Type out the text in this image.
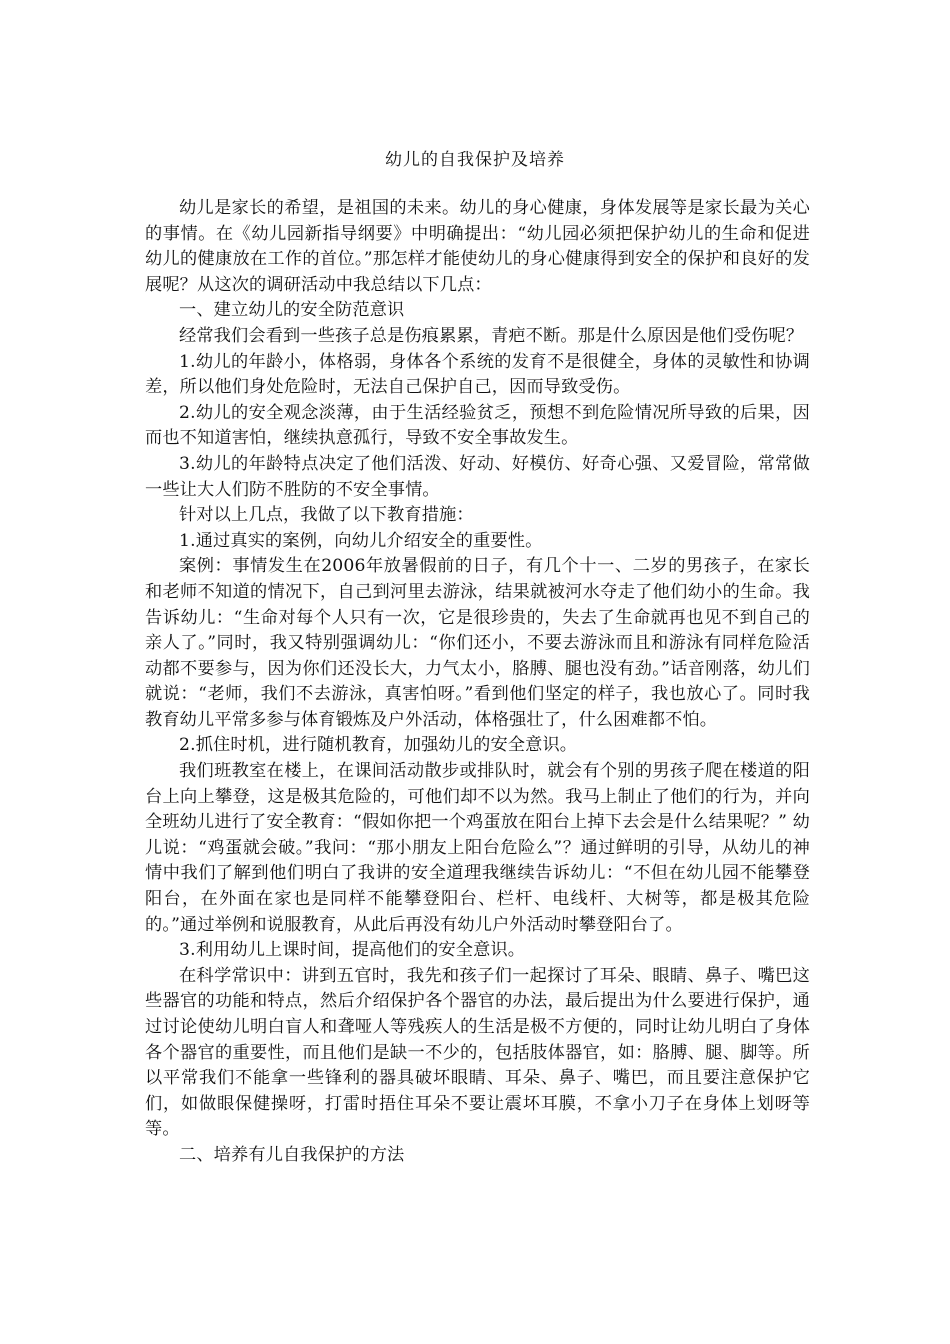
幼儿的自我保护及培养

幼儿是家长的希望，是祖国的未来。幼儿的身心健康，身体发展等是家长最为关心的事情。在《幼儿园新指导纲要》中明确提出：“幼儿园必须把保护幼儿的生命和促进幼儿的健康放在工作的首位。”那怎样才能使幼儿的身心健康得到安全的保护和良好的发展呢？从这次的调研活动中我总结以下几点：

一、建立幼儿的安全防范意识

经常我们会看到一些孩子总是伤痕累累，青疤不断。那是什么原因是他们受伤呢？

1.幼儿的年龄小，体格弱，身体各个系统的发育不是很健全，身体的灵敏性和协调差，所以他们身处危险时，无法自己保护自己，因而导致受伤。

2.幼儿的安全观念淡薄，由于生活经验贫乏，预想不到危险情况所导致的后果，因而也不知道害怕，继续执意孤行，导致不安全事故发生。

3.幼儿的年龄特点决定了他们活泼、好动、好模仿、好奇心强、又爱冒险，常常做一些让大人们防不胜防的不安全事情。

针对以上几点，我做了以下教育措施：

1.通过真实的案例，向幼儿介绍安全的重要性。

案例：事情发生在2006年放暑假前的日子，有几个十一、二岁的男孩子，在家长和老师不知道的情况下，自己到河里去游泳，结果就被河水夺走了他们幼小的生命。我告诉幼儿：“生命对每个人只有一次，它是很珍贵的，失去了生命就再也见不到自己的亲人了。”同时，我又特别强调幼儿：“你们还小，不要去游泳而且和游泳有同样危险活动都不要参与，因为你们还没长大，力气太小，胳膊、腿也没有劲。”话音刚落，幼儿们就说：“老师，我们不去游泳，真害怕呀。”看到他们坚定的样子，我也放心了。同时我教育幼儿平常多参与体育锻炼及户外活动，体格强壮了，什么困难都不怕。

2.抓住时机，进行随机教育，加强幼儿的安全意识。

我们班教室在楼上，在课间活动散步或排队时，就会有个别的男孩子爬在楼道的阳台上向上攀登，这是极其危险的，可他们却不以为然。我马上制止了他们的行为，并向全班幼儿进行了安全教育：“假如你把一个鸡蛋放在阳台上掉下去会是什么结果呢？” 幼儿说：“鸡蛋就会破。”我问：“那小朋友上阳台危险么”？通过鲜明的引导，从幼儿的神情中我们了解到他们明白了我讲的安全道理我继续告诉幼儿：“不但在幼儿园不能攀登阳台，在外面在家也是同样不能攀登阳台、栏杆、电线杆、大树等，都是极其危险的。”通过举例和说服教育，从此后再没有幼儿户外活动时攀登阳台了。

3.利用幼儿上课时间，提高他们的安全意识。

在科学常识中：讲到五官时，我先和孩子们一起探讨了耳朵、眼睛、鼻子、嘴巴这些器官的功能和特点，然后介绍保护各个器官的办法，最后提出为什么要进行保护，通过讨论使幼儿明白盲人和聋哑人等残疾人的生活是极不方便的，同时让幼儿明白了身体各个器官的重要性，而且他们是缺一不少的，包括肢体器官，如：胳膊、腿、脚等。所以平常我们不能拿一些锋利的器具破坏眼睛、耳朵、鼻子、嘴巴，而且要注意保护它们，如做眼保健操呀，打雷时捂住耳朵不要让震坏耳膜，不拿小刀子在身体上划呀等等。

二、培养有儿自我保护的方法
